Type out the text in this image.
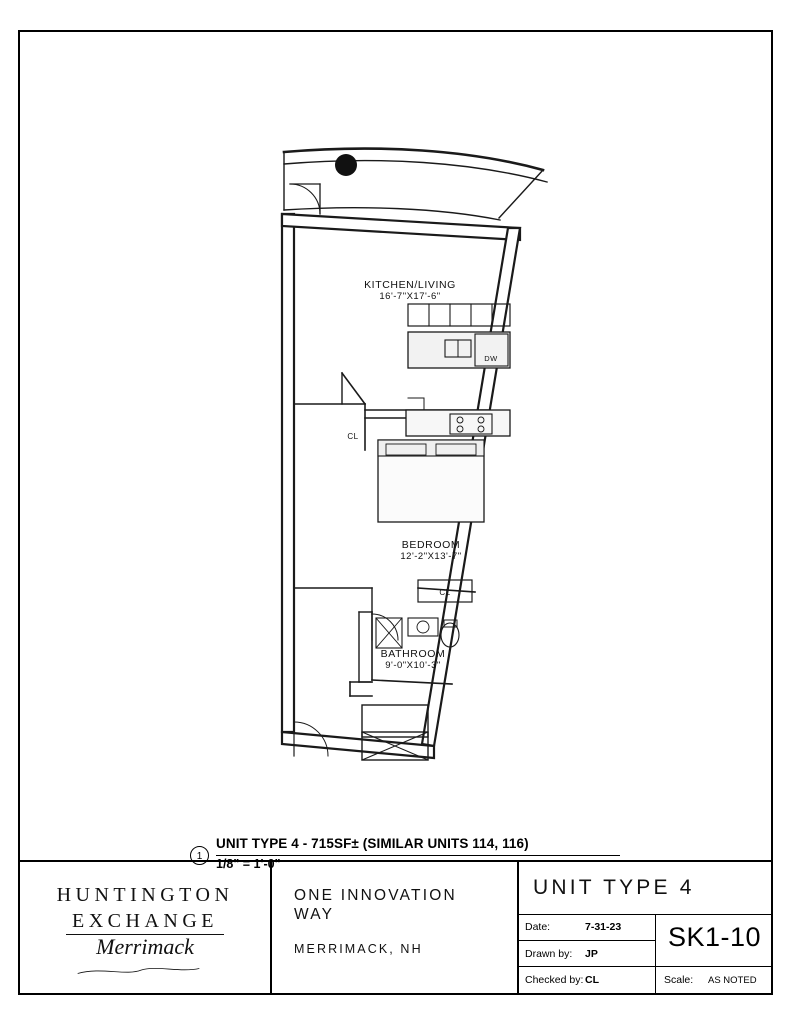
KITCHEN/LIVING
16'-7"X17'-6"
BEDROOM
12'-2"X13'-7"
BATHROOM
9'-0"X10'-3"
CL
CL
DW
1
UNIT TYPE 4 - 715SF± (SIMILAR UNITS 114, 116)
1/8" = 1'-0"
HUNTINGTON
EXCHANGE
Merrimack
ONE INNOVATION
WAY
MERRIMACK, NH
UNIT TYPE 4
Date:	7-31-23
Drawn by: JP
Checked by: CL
SK1-10
Scale: AS NOTED
